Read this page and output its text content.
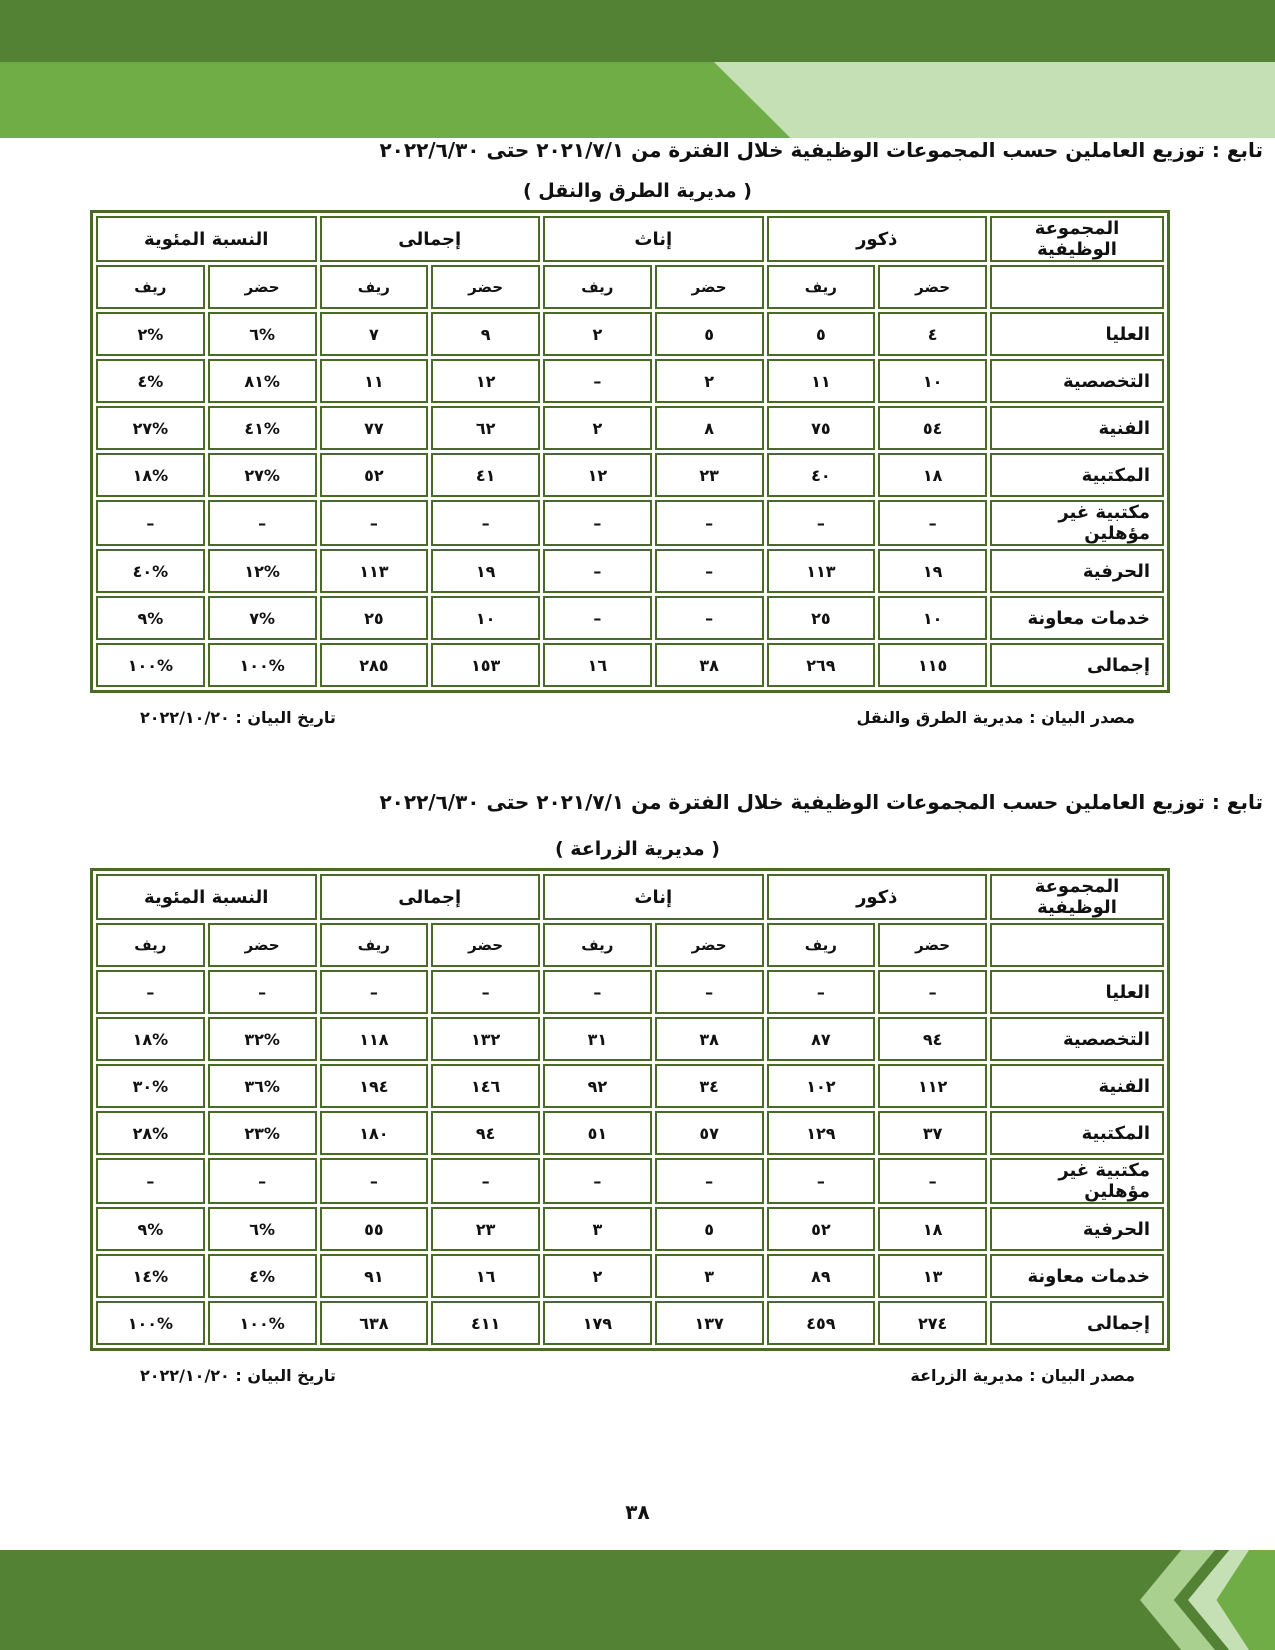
تابع : توزيع العاملين حسب المجموعات الوظيفية خلال الفترة من ٢٠٢١/٧/١ حتى ٢٠٢٢/٦/٣٠
( مديرية الطرق والنقل )
المجموعة الوظيفية	ذكور		إناث		إجمالى		النسبة المئوية	
	حضر	ريف	حضر	ريف	حضر	ريف	حضر	ريف
العليا	٤	٥	٥	٢	٩	٧	%٦	%٢
التخصصية	١٠	١١	٢	–	١٢	١١	%٨١	%٤
الفنية	٥٤	٧٥	٨	٢	٦٢	٧٧	%٤١	%٢٧
المكتبية	١٨	٤٠	٢٣	١٢	٤١	٥٢	%٢٧	%١٨
مكتبية غير مؤهلين	–	–	–	–	–	–	–	–
الحرفية	١٩	١١٣	–	–	١٩	١١٣	%١٢	%٤٠
خدمات معاونة	١٠	٢٥	–	–	١٠	٢٥	%٧	%٩
إجمالى	١١٥	٢٦٩	٣٨	١٦	١٥٣	٢٨٥	%١٠٠	%١٠٠
مصدر البيان : مديرية الطرق والنقل
تاريخ البيان : ٢٠٢٢/١٠/٢٠
تابع : توزيع العاملين حسب المجموعات الوظيفية خلال الفترة من ٢٠٢١/٧/١ حتى ٢٠٢٢/٦/٣٠
( مديرية الزراعة )
المجموعة الوظيفية	ذكور		إناث		إجمالى		النسبة المئوية	
	حضر	ريف	حضر	ريف	حضر	ريف	حضر	ريف
العليا	–	–	–	–	–	–	–	–
التخصصية	٩٤	٨٧	٣٨	٣١	١٣٢	١١٨	%٣٢	%١٨
الفنية	١١٢	١٠٢	٣٤	٩٢	١٤٦	١٩٤	%٣٦	%٣٠
المكتبية	٣٧	١٢٩	٥٧	٥١	٩٤	١٨٠	%٢٣	%٢٨
مكتبية غير مؤهلين	–	–	–	–	–	–	–	–
الحرفية	١٨	٥٢	٥	٣	٢٣	٥٥	%٦	%٩
خدمات معاونة	١٣	٨٩	٣	٢	١٦	٩١	%٤	%١٤
إجمالى	٢٧٤	٤٥٩	١٣٧	١٧٩	٤١١	٦٣٨	%١٠٠	%١٠٠
مصدر البيان : مديرية الزراعة
تاريخ البيان : ٢٠٢٢/١٠/٢٠
٣٨
